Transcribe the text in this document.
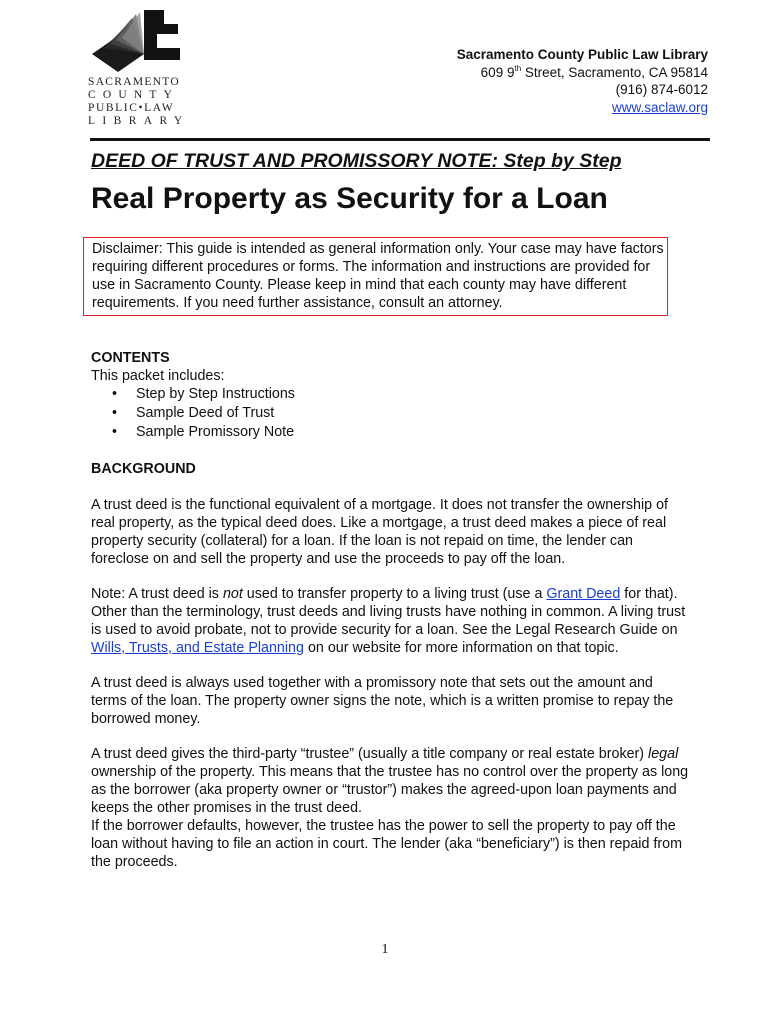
SACRAMENTO
COUNTY
PUBLIC•LAW
LIBRARY
Sacramento County Public Law Library
609 9th Street, Sacramento, CA 95814
(916) 874-6012
www.saclaw.org
DEED OF TRUST AND PROMISSORY NOTE: Step by Step
Real Property as Security for a Loan
Disclaimer: This guide is intended as general information only. Your case may have factors requiring different procedures or forms. The information and instructions are provided for use in Sacramento County. Please keep in mind that each county may have different requirements. If you need further assistance, consult an attorney.
CONTENTS

This packet includes:

• Step by Step Instructions
• Sample Deed of Trust
• Sample Promissory Note
BACKGROUND

A trust deed is the functional equivalent of a mortgage. It does not transfer the ownership of real property, as the typical deed does. Like a mortgage, a trust deed makes a piece of real property security (collateral) for a loan. If the loan is not repaid on time, the lender can foreclose on and sell the property and use the proceeds to pay off the loan.

Note: A trust deed is not used to transfer property to a living trust (use a Grant Deed for that). Other than the terminology, trust deeds and living trusts have nothing in common. A living trust is used to avoid probate, not to provide security for a loan. See the Legal Research Guide on Wills, Trusts, and Estate Planning on our website for more information on that topic.

A trust deed is always used together with a promissory note that sets out the amount and terms of the loan. The property owner signs the note, which is a written promise to repay the borrowed money.

A trust deed gives the third-party “trustee” (usually a title company or real estate broker) legal ownership of the property. This means that the trustee has no control over the property as long as the borrower (aka property owner or “trustor”) makes the agreed-upon loan payments and keeps the other promises in the trust deed.

If the borrower defaults, however, the trustee has the power to sell the property to pay off the loan without having to file an action in court. The lender (aka “beneficiary”) is then repaid from the proceeds.

1
